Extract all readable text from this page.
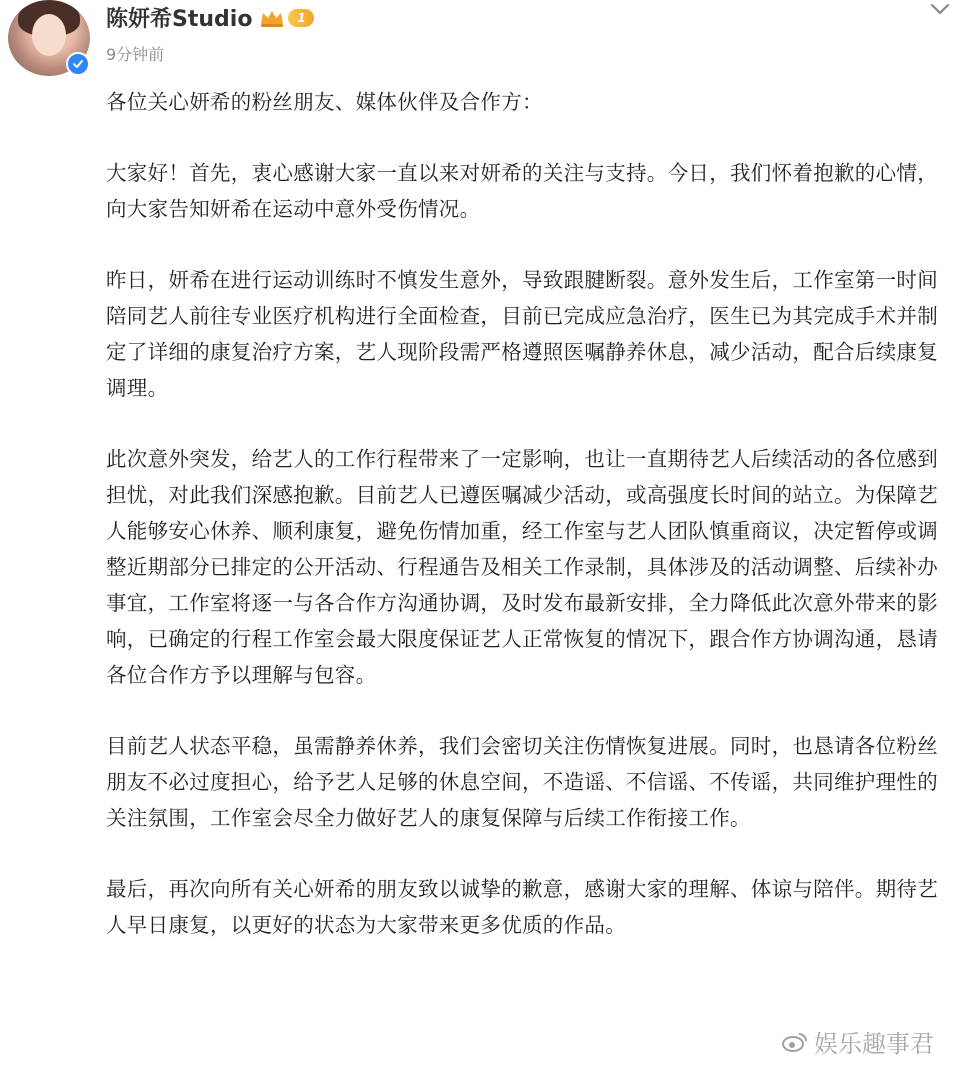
陈妍希Studio	1
9分钟前

各位关心妍希的粉丝朋友、媒体伙伴及合作方：

大家好！首先，衷心感谢大家一直以来对妍希的关注与支持。今日，我们怀着抱歉的心情，向大家告知妍希在运动中意外受伤情况。

昨日，妍希在进行运动训练时不慎发生意外，导致跟腱断裂。意外发生后，工作室第一时间陪同艺人前往专业医疗机构进行全面检查，目前已完成应急治疗，医生已为其完成手术并制定了详细的康复治疗方案，艺人现阶段需严格遵照医嘱静养休息，减少活动，配合后续康复调理。

此次意外突发，给艺人的工作行程带来了一定影响，也让一直期待艺人后续活动的各位感到担忧，对此我们深感抱歉。目前艺人已遵医嘱减少活动，或高强度长时间的站立。为保障艺人能够安心休养、顺利康复，避免伤情加重，经工作室与艺人团队慎重商议，决定暂停或调整近期部分已排定的公开活动、行程通告及相关工作录制，具体涉及的活动调整、后续补办事宜，工作室将逐一与各合作方沟通协调，及时发布最新安排，全力降低此次意外带来的影响，已确定的行程工作室会最大限度保证艺人正常恢复的情况下，跟合作方协调沟通，恳请各位合作方予以理解与包容。

目前艺人状态平稳，虽需静养休养，我们会密切关注伤情恢复进展。同时，也恳请各位粉丝朋友不必过度担心，给予艺人足够的休息空间，不造谣、不信谣、不传谣，共同维护理性的关注氛围，工作室会尽全力做好艺人的康复保障与后续工作衔接工作。

最后，再次向所有关心妍希的朋友致以诚挚的歉意，感谢大家的理解、体谅与陪伴。期待艺人早日康复，以更好的状态为大家带来更多优质的作品。

娱乐趣事君
